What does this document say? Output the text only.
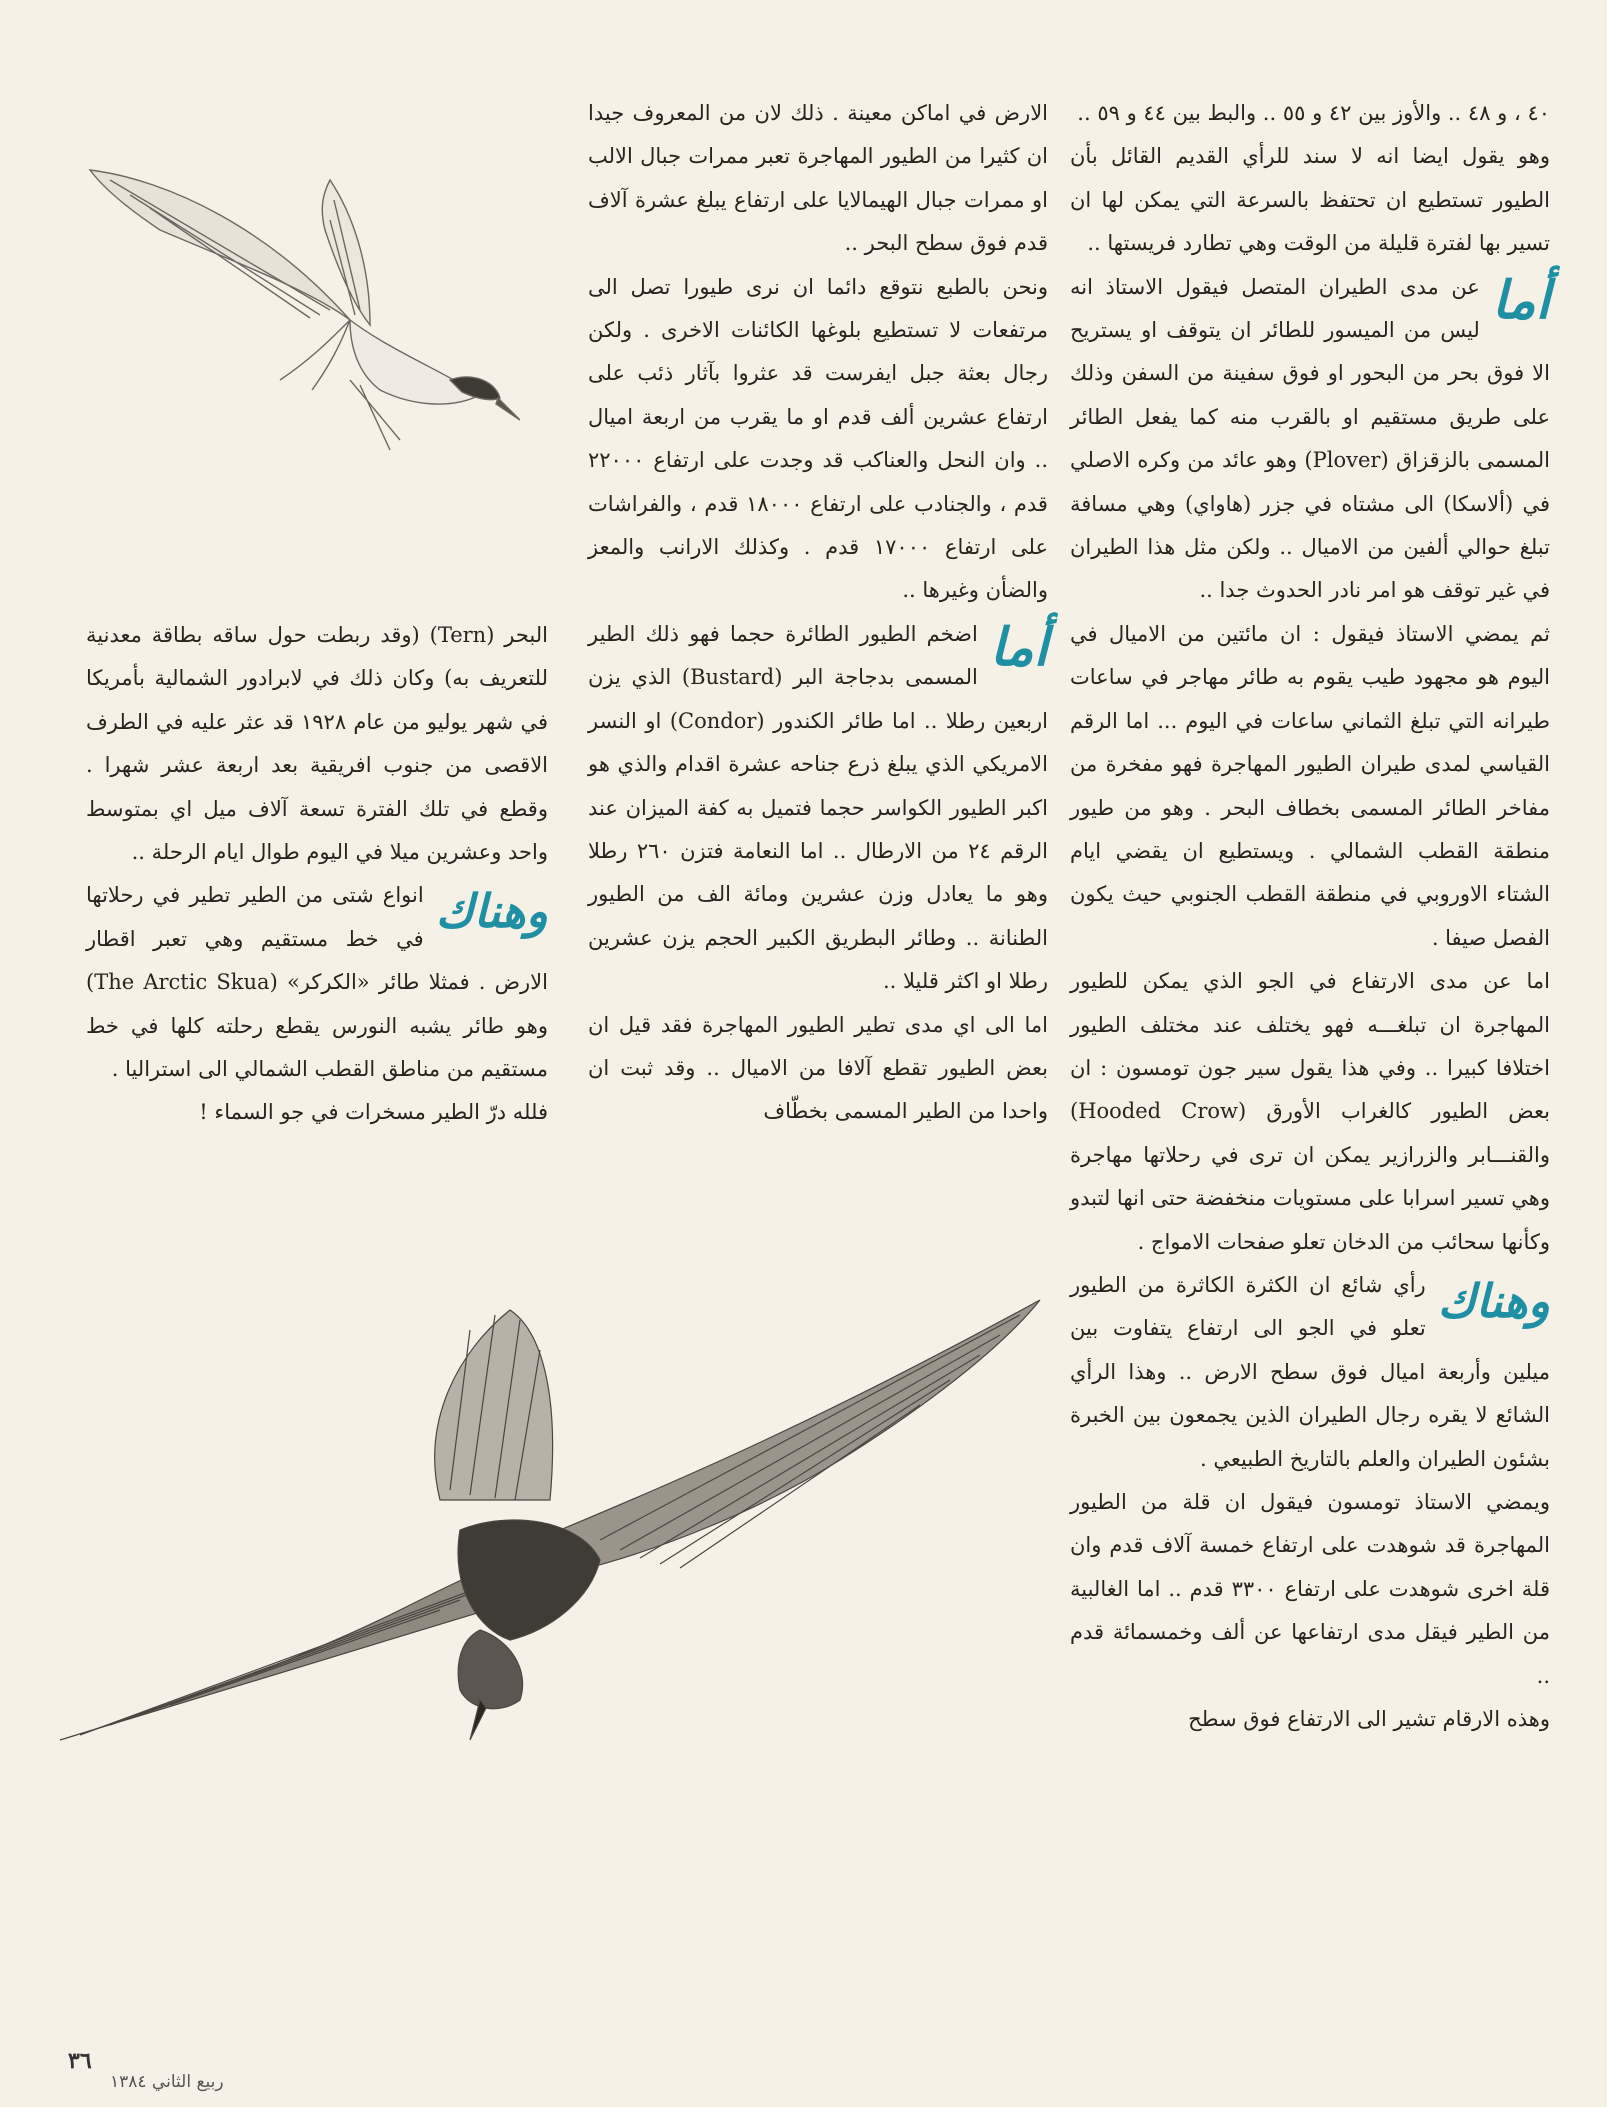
٤٠ ، و ٤٨ .. والأوز بين ٤٢ و ٥٥ .. والبط بين ٤٤ و ٥٩ ..

وهو يقول ايضا انه لا سند للرأي القديم القائل بأن الطيور تستطيع ان تحتفظ بالسرعة التي يمكن لها ان تسير بها لفترة قليلة من الوقت وهي تطارد فريستها ..

أما
عن مدى الطيران المتصل فيقول الاستاذ انه ليس من الميسور للطائر ان يتوقف او يستريح الا فوق بحر من البحور او فوق سفينة من السفن وذلك على طريق مستقيم او بالقرب منه كما يفعل الطائر المسمى بالزقزاق (Plover) وهو عائد من وكره الاصلي في (ألاسكا) الى مشتاه في جزر (هاواي) وهي مسافة تبلغ حوالي ألفين من الاميال .. ولكن مثل هذا الطيران في غير توقف هو امر نادر الحدوث جدا ..

ثم يمضي الاستاذ فيقول : ان مائتين من الاميال في اليوم هو مجهود طيب يقوم به طائر مهاجر في ساعات طيرانه التي تبلغ الثماني ساعات في اليوم ... اما الرقم القياسي لمدى طيران الطيور المهاجرة فهو مفخرة من مفاخر الطائر المسمى بخطاف البحر . وهو من طيور منطقة القطب الشمالي . ويستطيع ان يقضي ايام الشتاء الاوروبي في منطقة القطب الجنوبي حيث يكون الفصل صيفا .

اما عن مدى الارتفاع في الجو الذي يمكن للطيور المهاجرة ان تبلغـــه فهو يختلف عند مختلف الطيور اختلافا كبيرا .. وفي هذا يقول سير جون تومسون : ان بعض الطيور كالغراب الأورق (Hooded Crow) والقنـــابر والزرازير يمكن ان ترى في رحلاتها مهاجرة وهي تسير اسرابا على مستويات منخفضة حتى انها لتبدو وكأنها سحائب من الدخان تعلو صفحات الامواج .

وهناك
رأي شائع ان الكثرة الكاثرة من الطيور تعلو في الجو الى ارتفاع يتفاوت بين ميلين وأربعة اميال فوق سطح الارض .. وهذا الرأي الشائع لا يقره رجال الطيران الذين يجمعون بين الخبرة بشئون الطيران والعلم بالتاريخ الطبيعي .

ويمضي الاستاذ تومسون فيقول ان قلة من الطيور المهاجرة قد شوهدت على ارتفاع خمسة آلاف قدم وان قلة اخرى شوهدت على ارتفاع ٣٣٠٠ قدم .. اما الغالبية من الطير فيقل مدى ارتفاعها عن ألف وخمسمائة قدم ..

وهذه الارقام تشير الى الارتفاع فوق سطح

الارض في اماكن معينة . ذلك لان من المعروف جيدا ان كثيرا من الطيور المهاجرة تعبر ممرات جبال الالب او ممرات جبال الهيمالايا على ارتفاع يبلغ عشرة آلاف قدم فوق سطح البحر ..

ونحن بالطبع نتوقع دائما ان نرى طيورا تصل الى مرتفعات لا تستطيع بلوغها الكائنات الاخرى . ولكن رجال بعثة جبل ايفرست قد عثروا بآثار ذئب على ارتفاع عشرين ألف قدم او ما يقرب من اربعة اميال .. وان النحل والعناكب قد وجدت على ارتفاع ٢٢٠٠٠ قدم ، والجنادب على ارتفاع ١٨٠٠٠ قدم ، والفراشات على ارتفاع ١٧٠٠٠ قدم . وكذلك الارانب والمعز والضأن وغيرها ..

أما
اضخم الطيور الطائرة حجما فهو ذلك الطير المسمى بدجاجة البر (Bustard) الذي يزن اربعين رطلا .. اما طائر الكندور (Condor) او النسر الامريكي الذي يبلغ ذرع جناحه عشرة اقدام والذي هو اكبر الطيور الكواسر حجما فتميل به كفة الميزان عند الرقم ٢٤ من الارطال .. اما النعامة فتزن ٢٦٠ رطلا وهو ما يعادل وزن عشرين ومائة الف من الطيور الطنانة .. وطائر البطريق الكبير الحجم يزن عشرين رطلا او اكثر قليلا ..

اما الى اي مدى تطير الطيور المهاجرة فقد قيل ان بعض الطيور تقطع آلافا من الاميال .. وقد ثبت ان واحدا من الطير المسمى بخطّاف

البحر (Tern) (وقد ربطت حول ساقه بطاقة معدنية للتعريف به) وكان ذلك في لابرادور الشمالية بأمريكا في شهر يوليو من عام ١٩٢٨ قد عثر عليه في الطرف الاقصى من جنوب افريقية بعد اربعة عشر شهرا . وقطع في تلك الفترة تسعة آلاف ميل اي بمتوسط واحد وعشرين ميلا في اليوم طوال ايام الرحلة ..

وهناك
انواع شتى من الطير تطير في رحلاتها في خط مستقيم وهي تعبر اقطار الارض . فمثلا طائر «الكركر» (The Arctic Skua) وهو طائر يشبه النورس يقطع رحلته كلها في خط مستقيم من مناطق القطب الشمالي الى استراليا .

فلله درّ الطير مسخرات في جو السماء !

٣٦
ربيع الثاني ١٣٨٤
